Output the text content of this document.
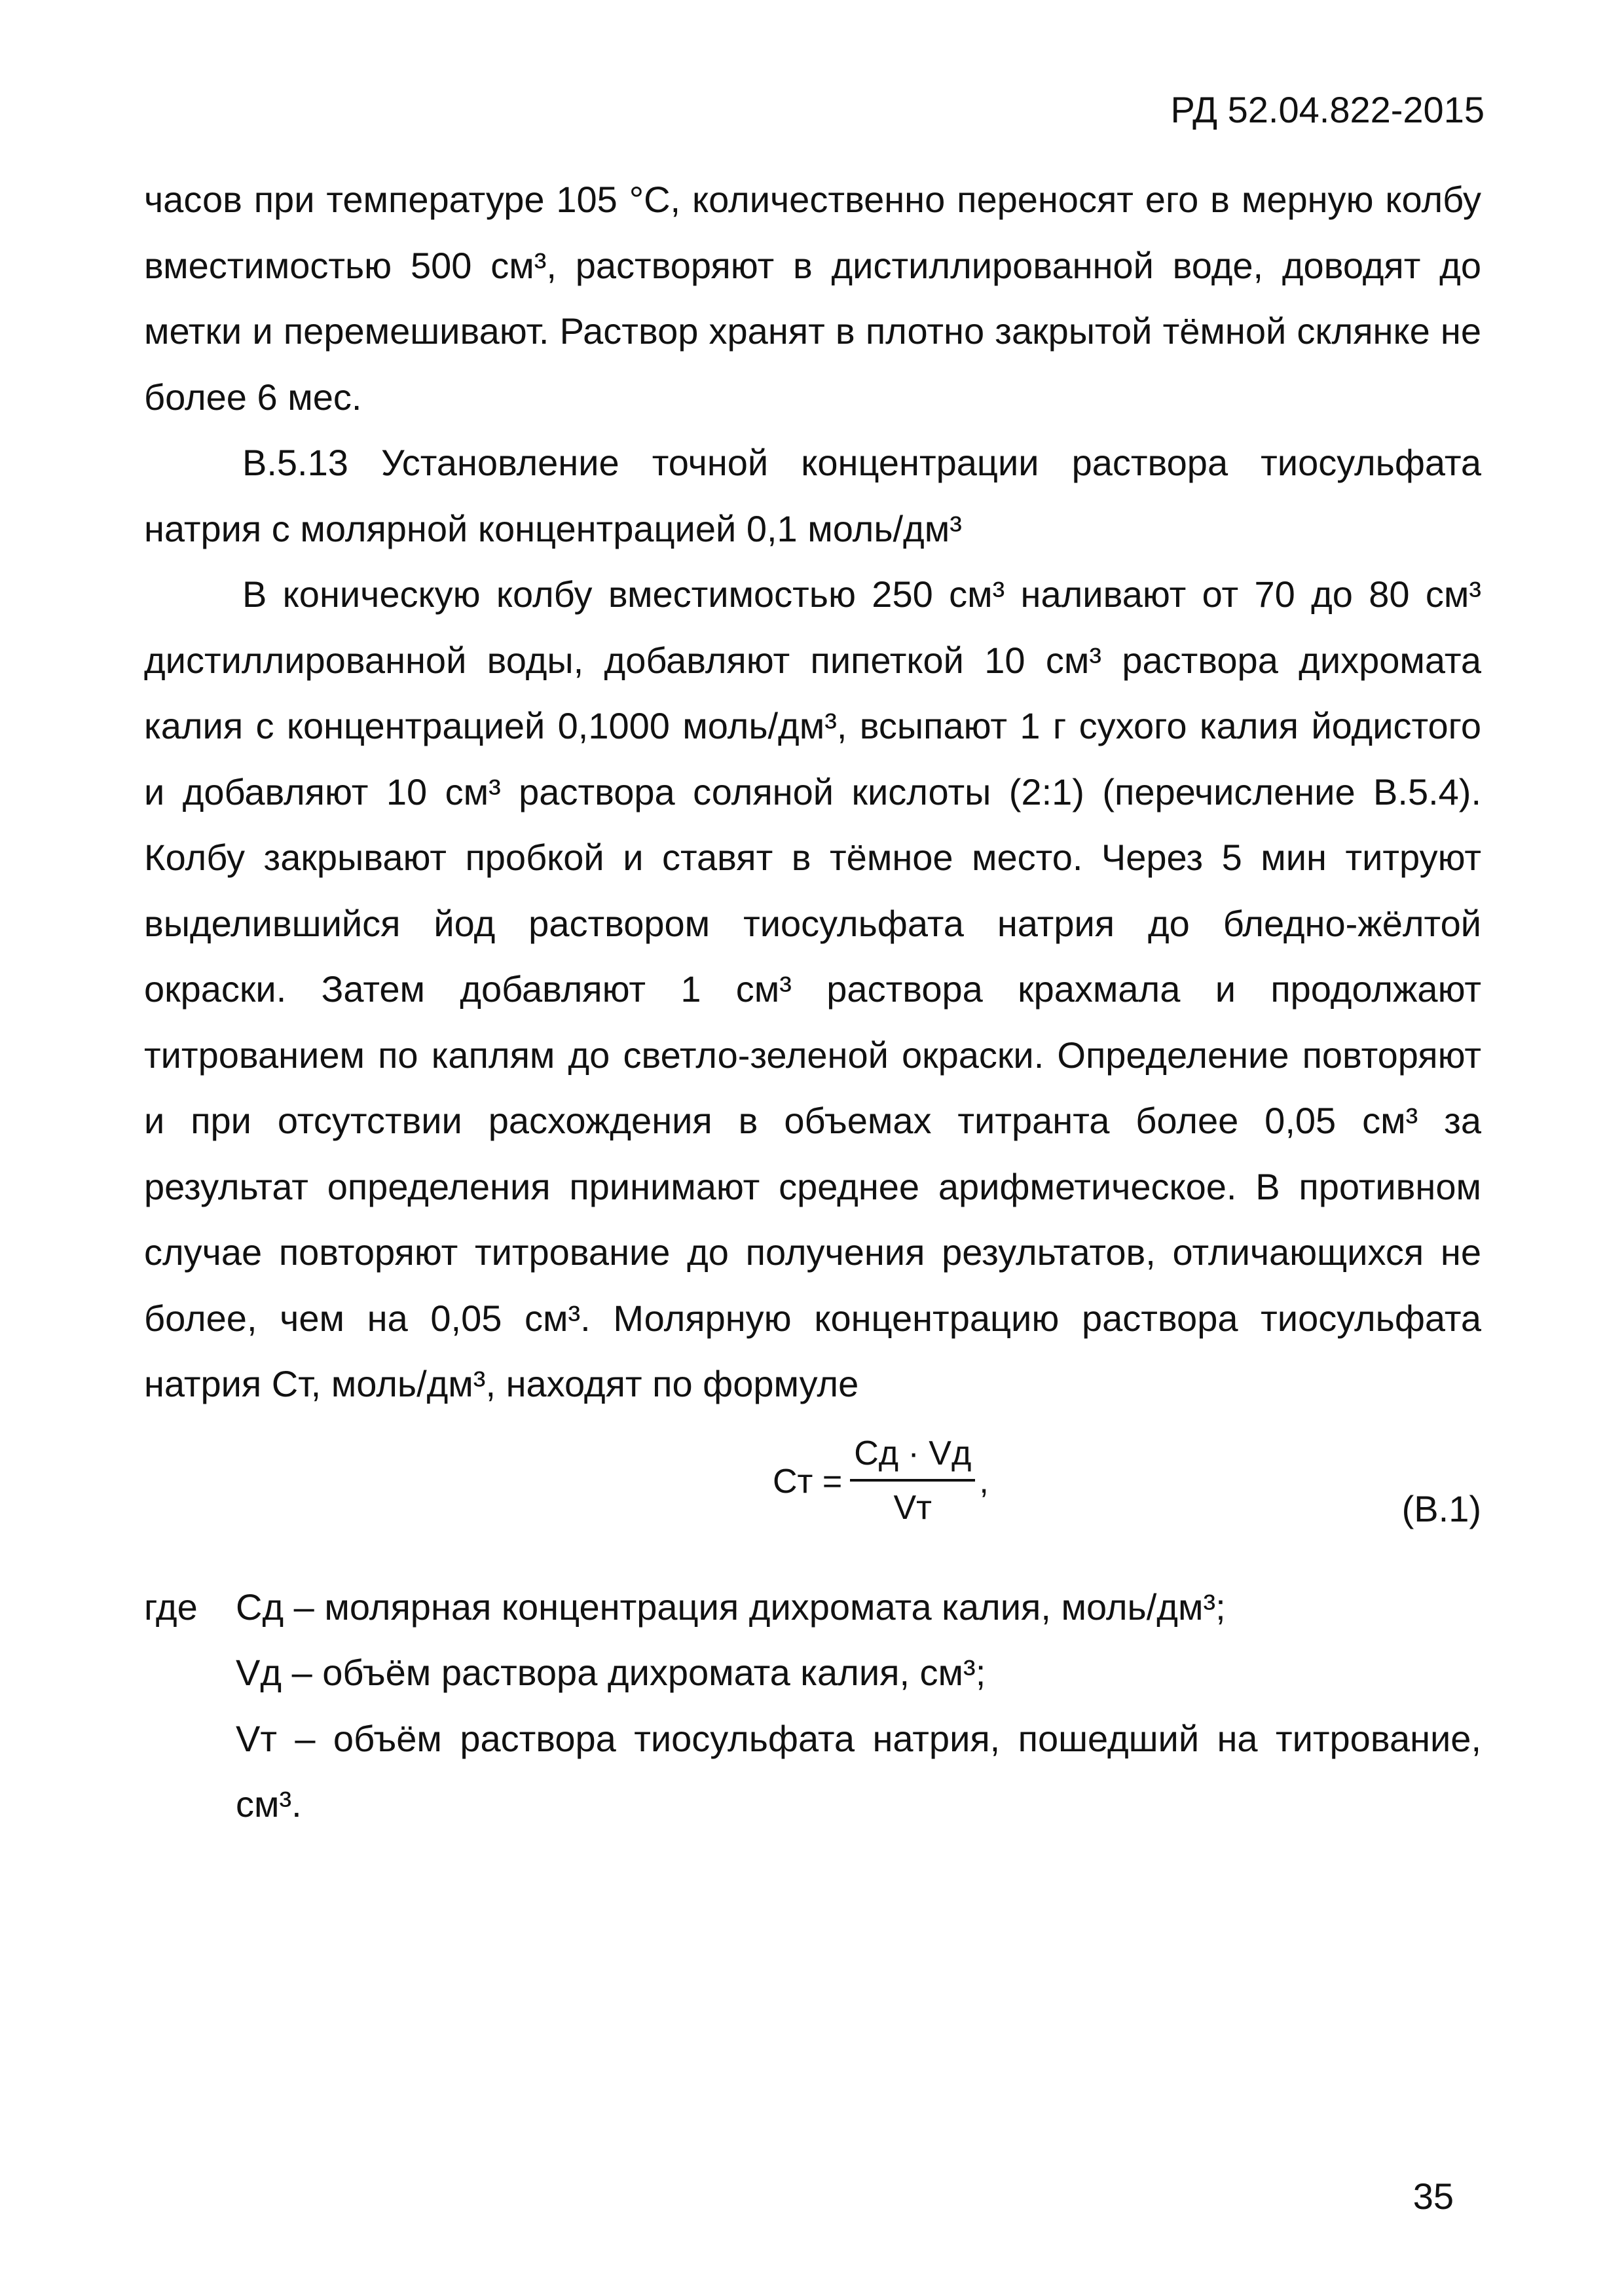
РД 52.04.822-2015

часов при температуре 105 °С, количественно переносят его в мерную колбу вместимостью 500 см³, растворяют в дистиллированной воде, доводят до метки и перемешивают. Раствор хранят в плотно закрытой тёмной склянке не более 6 мес.

В.5.13 Установление точной концентрации раствора тиосульфата натрия с молярной концентрацией 0,1 моль/дм³

В коническую колбу вместимостью 250 см³ наливают от 70 до 80 см³ дистиллированной воды, добавляют пипеткой 10 см³ раствора дихромата калия с концентрацией 0,1000 моль/дм³, всыпают 1 г сухого калия йодистого и добавляют 10 см³ раствора соляной кислоты (2:1) (перечисление В.5.4). Колбу закрывают пробкой и ставят в тёмное место. Через 5 мин титруют выделившийся йод раствором тиосульфата натрия до бледно-жёлтой окраски. Затем добавляют 1 см³ раствора крахмала и продолжают титрованием по каплям до светло-зеленой окраски. Определение повторяют и при отсутствии расхождения в объемах титранта более 0,05 см³ за результат определения принимают среднее арифметическое. В противном случае повторяют титрование до получения результатов, отличающихся не более, чем на 0,05 см³. Молярную концентрацию раствора тиосульфата натрия Cт, моль/дм³, находят по формуле

Cт = $\frac{Cд \cdot Vд}{Vт}$ ,
(В.1)
где	Cд – молярная концентрация дихромата калия, моль/дм³;

Vд – объём раствора дихромата калия, см³;

Vт – объём раствора тиосульфата натрия, пошедший на титрование, см³.

35
